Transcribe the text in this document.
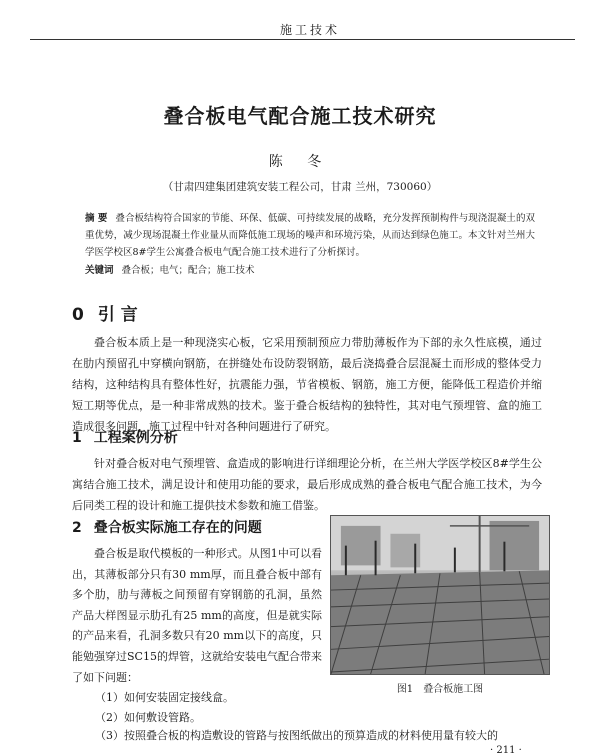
施工技术
叠合板电气配合施工技术研究
陈 冬
（甘肃四建集团建筑安装工程公司，甘肃 兰州，730060）
摘 要 叠合板结构符合国家的节能、环保、低碳、可持续发展的战略，充分发挥预制构件与现浇混凝土的双重优势，减少现场混凝土作业量从而降低施工现场的噪声和环境污染，从而达到绿色施工。本文针对兰州大学医学校区8#学生公寓叠合板电气配合施工技术进行了分析探讨。
关键词 叠合板；电气；配合；施工技术
0 引 言
叠合板本质上是一种现浇实心板，它采用预制预应力带肋薄板作为下部的永久性底模，通过在肋内预留孔中穿横向钢筋，在拼缝处布设防裂钢筋，最后浇捣叠合层混凝土而形成的整体受力结构，这种结构具有整体性好，抗震能力强，节省模板、钢筋，施工方便，能降低工程造价并缩短工期等优点，是一种非常成熟的技术。鉴于叠合板结构的独特性，其对电气预埋管、盒的施工造成很多问题，施工过程中针对各种问题进行了研究。
1 工程案例分析
针对叠合板对电气预埋管、盒造成的影响进行详细理论分析，在兰州大学医学校区8#学生公寓结合施工技术，满足设计和使用功能的要求，最后形成成熟的叠合板电气配合施工技术，为今后同类工程的设计和施工提供技术参数和施工借鉴。
2 叠合板实际施工存在的问题
叠合板是取代模板的一种形式。从图1中可以看出，其薄板部分只有30 mm厚，而且叠合板中部有多个肋，肋与薄板之间预留有穿钢筋的孔洞，虽然产品大样图显示肋孔有25 mm的高度，但是就实际的产品来看，孔洞多数只有20 mm以下的高度，只能勉强穿过SC15的焊管，这就给安装电气配合带来了如下问题：
（1）如何安装固定接线盒。
（2）如何敷设管路。
（3）按照叠合板的构造敷设的管路与按图纸做出的预算造成的材料使用量有较大的
图1 叠合板施工图
· 211 ·
